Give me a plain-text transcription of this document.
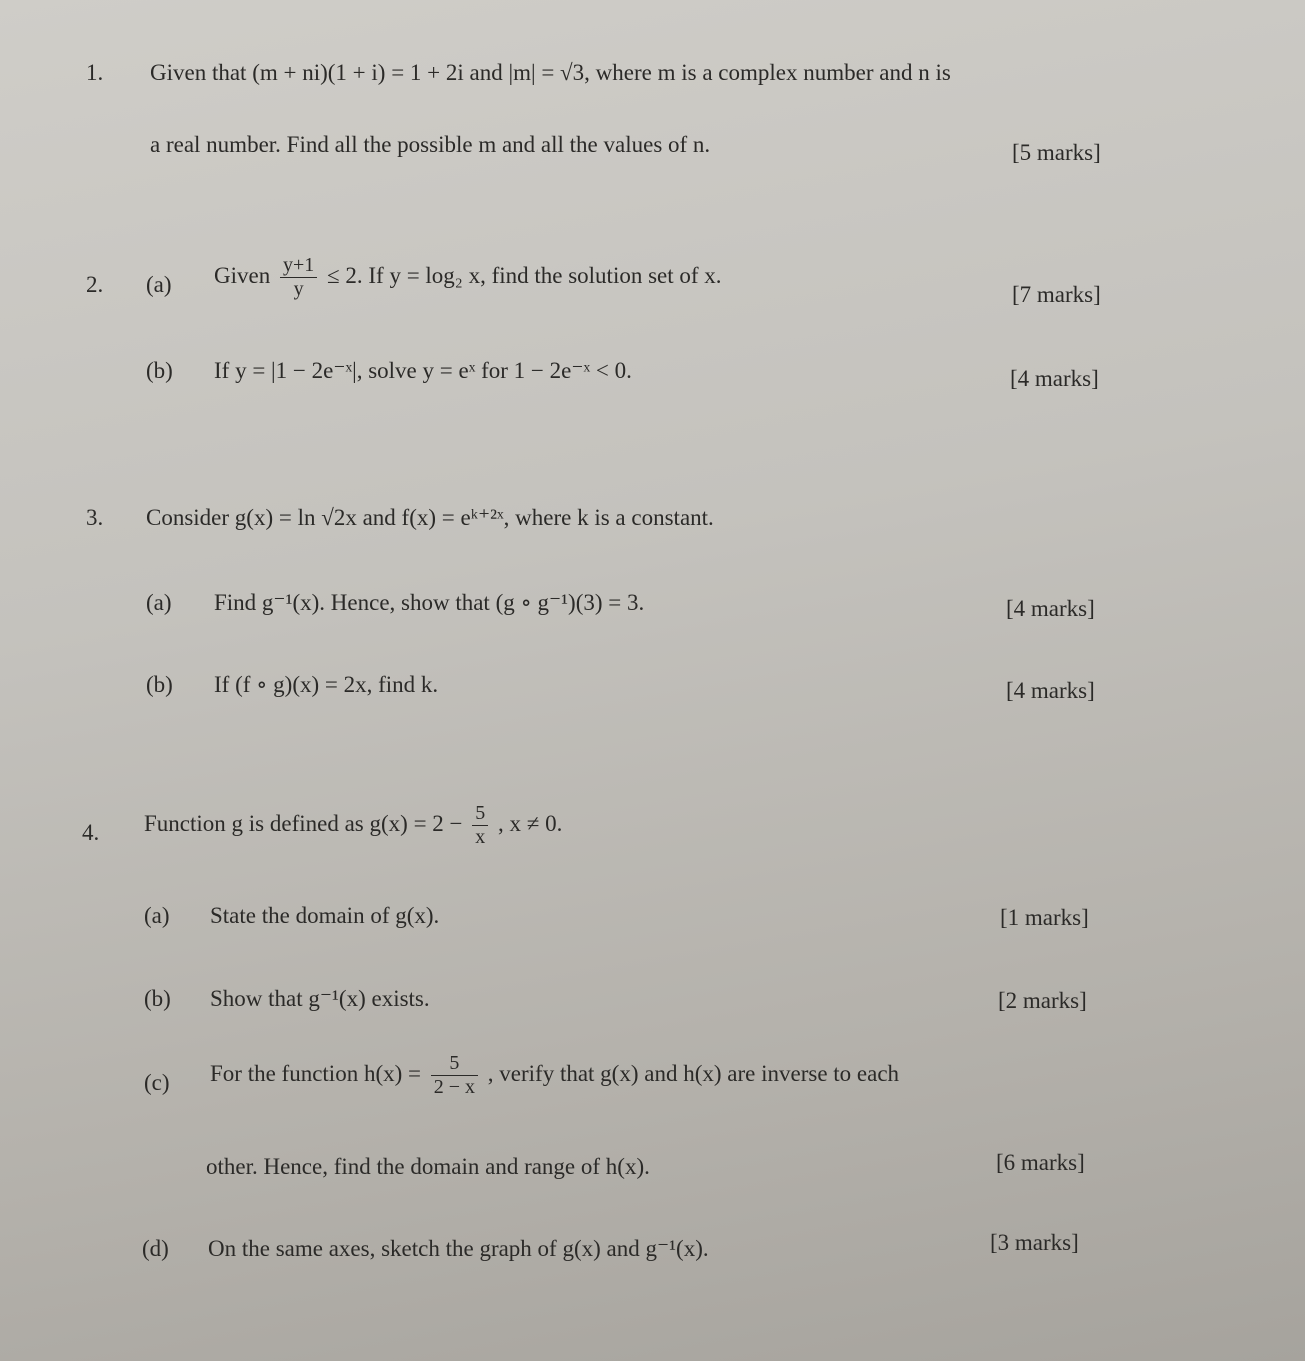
1. Given that (m + ni)(1 + i) = 1 + 2i and |m| = √3, where m is a complex number and n is
a real number. Find all the possible m and all the values of n.	[5 marks]
2. (a) Given $\frac{y+1}{y} \le 2$. If y = log₂ x, find the solution set of x.
[7 marks]
(b) If y = |1 − 2e⁻ˣ|, solve y = eˣ for 1 − 2e⁻ˣ < 0.	[4 marks]
3. Consider g(x) = ln √2x and f(x) = eᵏ⁺²ˣ, where k is a constant.
(a) Find g⁻¹(x). Hence, show that (g ∘ g⁻¹)(3) = 3.	[4 marks]
(b) If (f ∘ g)(x) = 2x, find k.	[4 marks]
4. Function g is defined as $g(x) = 2 - \frac{5}{x}$ , x ≠ 0.
(a) State the domain of g(x).	[1 marks]
(b) Show that g⁻¹(x) exists.	[2 marks]
(c) For the function $h(x) = \frac{5}{2 - x}$ , verify that g(x) and h(x) are inverse to each
other. Hence, find the domain and range of h(x).	[6 marks]
(d) On the same axes, sketch the graph of g(x) and g⁻¹(x).	[3 marks]
